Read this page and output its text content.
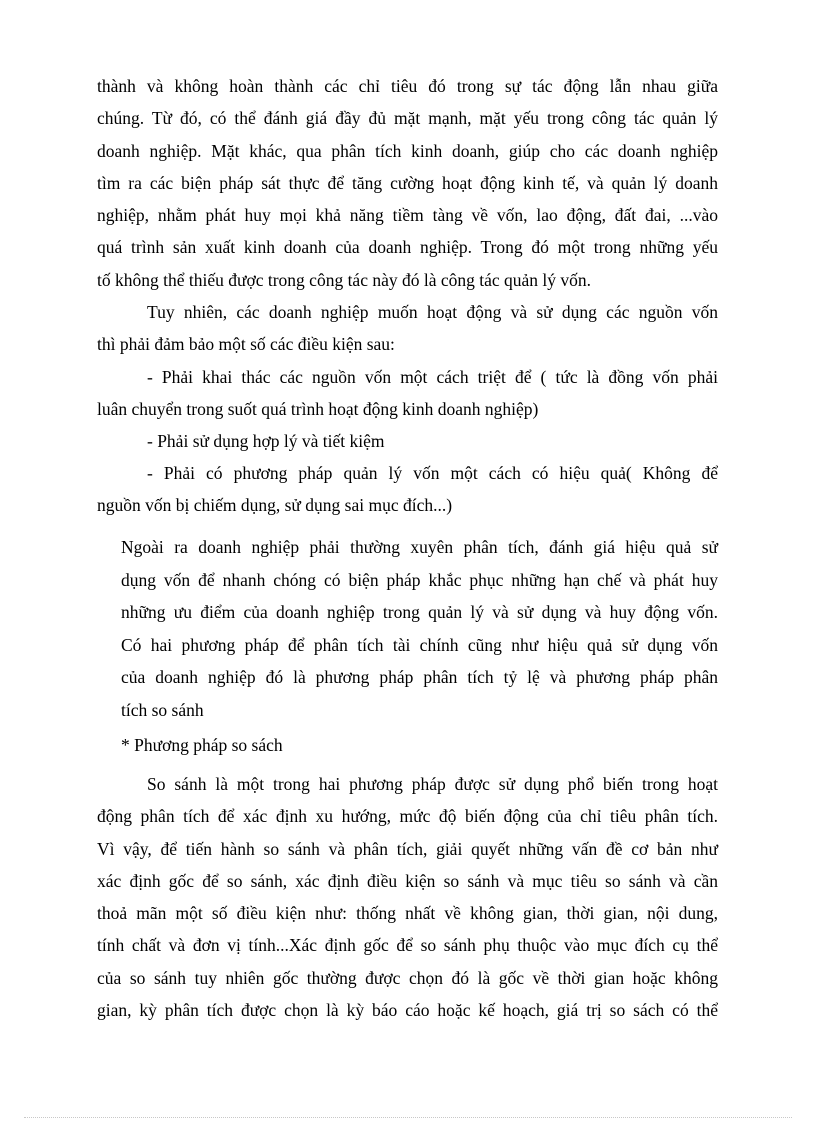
thành và không hoàn thành các chỉ tiêu đó trong sự tác động lẫn nhau giữa
chúng. Từ đó, có thể đánh giá đầy đủ mặt mạnh, mặt yếu trong công tác quản lý
doanh nghiệp. Mặt khác, qua phân tích kinh doanh, giúp cho các doanh nghiệp
tìm ra các biện pháp sát thực để tăng cường hoạt động kinh tế, và quản lý doanh
nghiệp, nhằm phát huy mọi khả năng tiềm tàng về vốn, lao động, đất đai, ...vào
quá trình sản xuất kinh doanh của doanh nghiệp. Trong đó một trong những yếu
tố không thể thiếu được trong công tác này đó là công tác quản lý vốn.
Tuy nhiên, các doanh nghiệp muốn hoạt động và sử dụng các nguồn vốn
thì phải đảm bảo một số các điều kiện sau:
- Phải khai thác các nguồn vốn một cách triệt để ( tức là đồng vốn phải
luân chuyển trong suốt quá trình hoạt động kinh doanh nghiệp)
- Phải sử dụng hợp lý và tiết kiệm
- Phải có phương pháp quản lý vốn một cách có hiệu quả( Không để
nguồn vốn bị chiếm dụng, sử dụng sai mục đích...)
Ngoài ra doanh nghiệp phải thường xuyên phân tích, đánh giá hiệu quả sử
dụng vốn để nhanh chóng có biện pháp khắc phục những hạn chế và phát huy
những ưu điểm của doanh nghiệp trong quản lý và sử dụng và huy động vốn.
Có hai phương pháp để phân tích tài chính cũng như hiệu quả sử dụng vốn
của doanh nghiệp đó là phương pháp phân tích tỷ lệ và phương pháp phân
tích so sánh
* Phương pháp so sách
So sánh là một trong hai phương pháp được sử dụng phổ biến trong hoạt
động phân tích để xác định xu hướng, mức độ biến động của chỉ tiêu phân tích.
Vì vậy, để tiến hành so sánh và phân tích, giải quyết những vấn đề cơ bản như
xác định gốc để so sánh, xác định điều kiện so sánh và mục tiêu so sánh và cần
thoả mãn một số điều kiện như: thống nhất về không gian, thời gian, nội dung,
tính chất và đơn vị tính...Xác định gốc để so sánh phụ thuộc vào mục đích cụ thể
của so sánh tuy nhiên gốc thường được chọn đó là gốc về thời gian hoặc không
gian, kỳ phân tích được chọn là kỳ báo cáo hoặc kế hoạch, giá trị so sách có thể
